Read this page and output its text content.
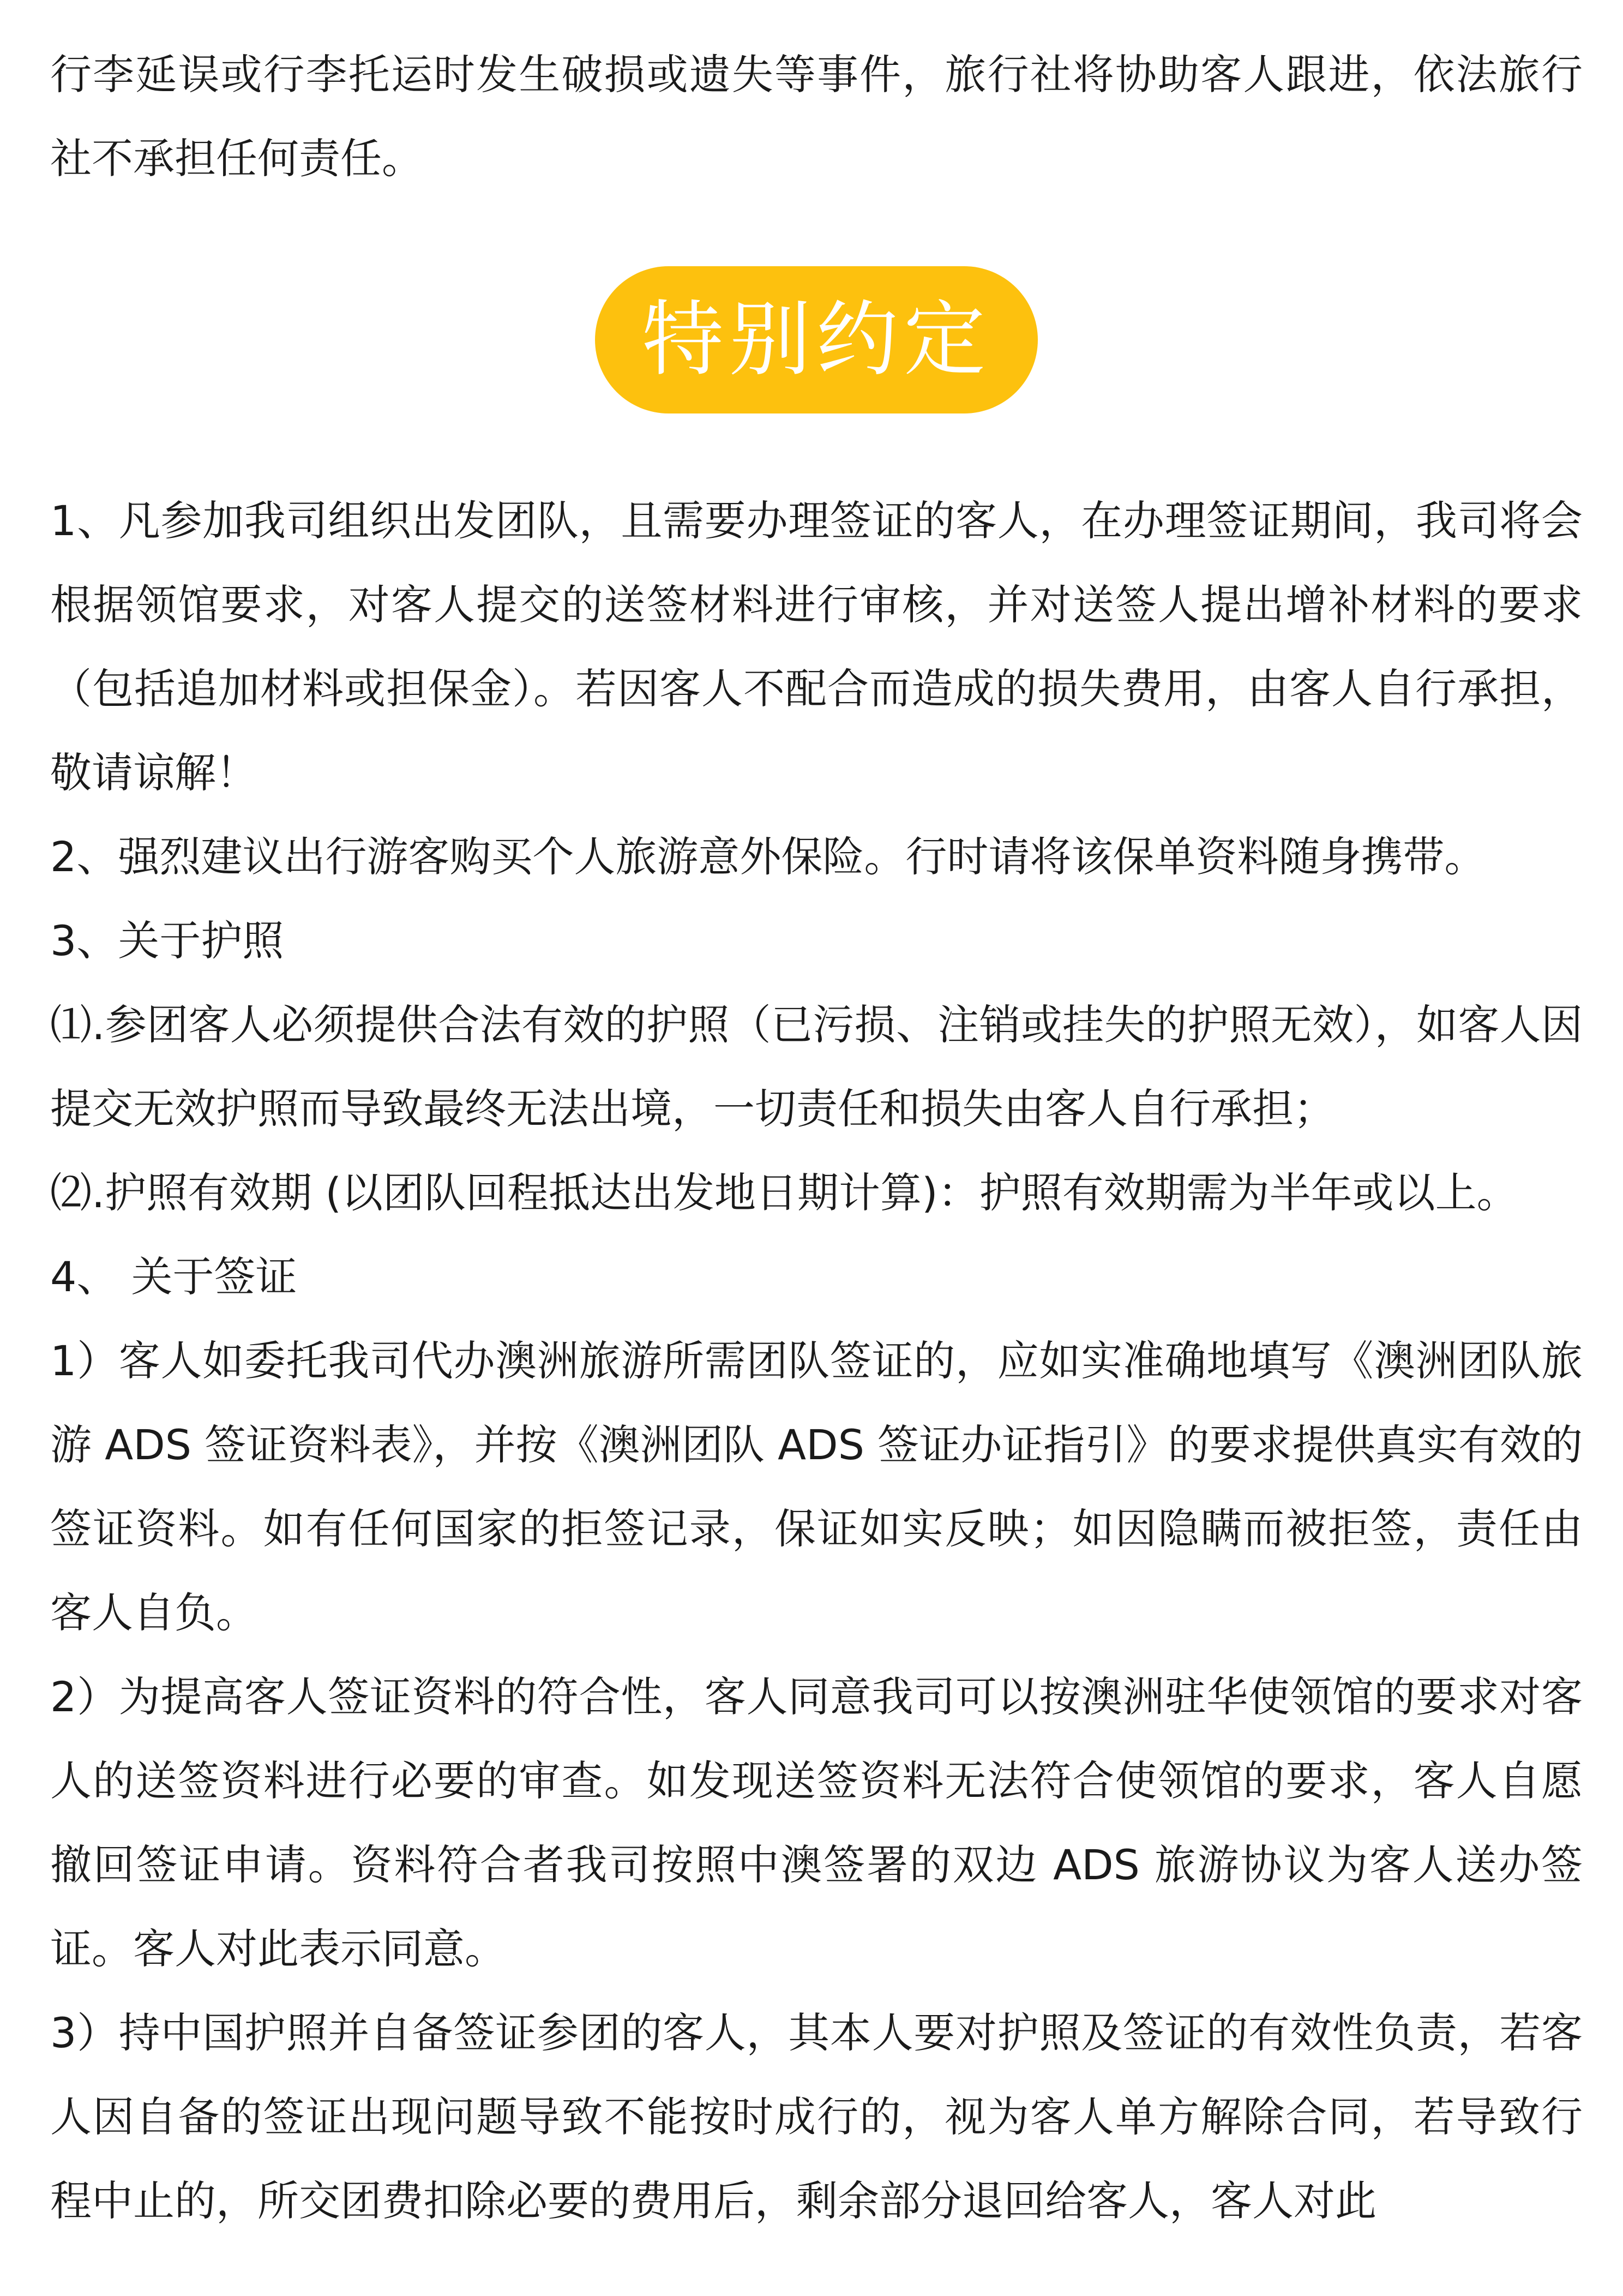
行李延误或行李托运时发生破损或遗失等事件，旅行社将协助客人跟进，依法旅行社不承担任何责任。

特别约定

1、凡参加我司组织出发团队，且需要办理签证的客人，在办理签证期间，我司将会根据领馆要求，对客人提交的送签材料进行审核，并对送签人提出增补材料的要求（包括追加材料或担保金）。若因客人不配合而造成的损失费用，由客人自行承担，敬请谅解！

2、强烈建议出行游客购买个人旅游意外保险。行时请将该保单资料随身携带。

3、关于护照

⑴.参团客人必须提供合法有效的护照（已污损、注销或挂失的护照无效），如客人因提交无效护照而导致最终无法出境，一切责任和损失由客人自行承担；

⑵.护照有效期 (以团队回程抵达出发地日期计算)：护照有效期需为半年或以上。

4、 关于签证

1）客人如委托我司代办澳洲旅游所需团队签证的，应如实准确地填写《澳洲团队旅游 ADS 签证资料表》，并按《澳洲团队 ADS 签证办证指引》的要求提供真实有效的签证资料。如有任何国家的拒签记录，保证如实反映；如因隐瞒而被拒签，责任由客人自负。

2）为提高客人签证资料的符合性，客人同意我司可以按澳洲驻华使领馆的要求对客人的送签资料进行必要的审查。如发现送签资料无法符合使领馆的要求，客人自愿撤回签证申请。资料符合者我司按照中澳签署的双边 ADS 旅游协议为客人送办签证。客人对此表示同意。

3）持中国护照并自备签证参团的客人，其本人要对护照及签证的有效性负责，若客人因自备的签证出现问题导致不能按时成行的，视为客人单方解除合同，若导致行程中止的，所交团费扣除必要的费用后，剩余部分退回给客人，客人对此
